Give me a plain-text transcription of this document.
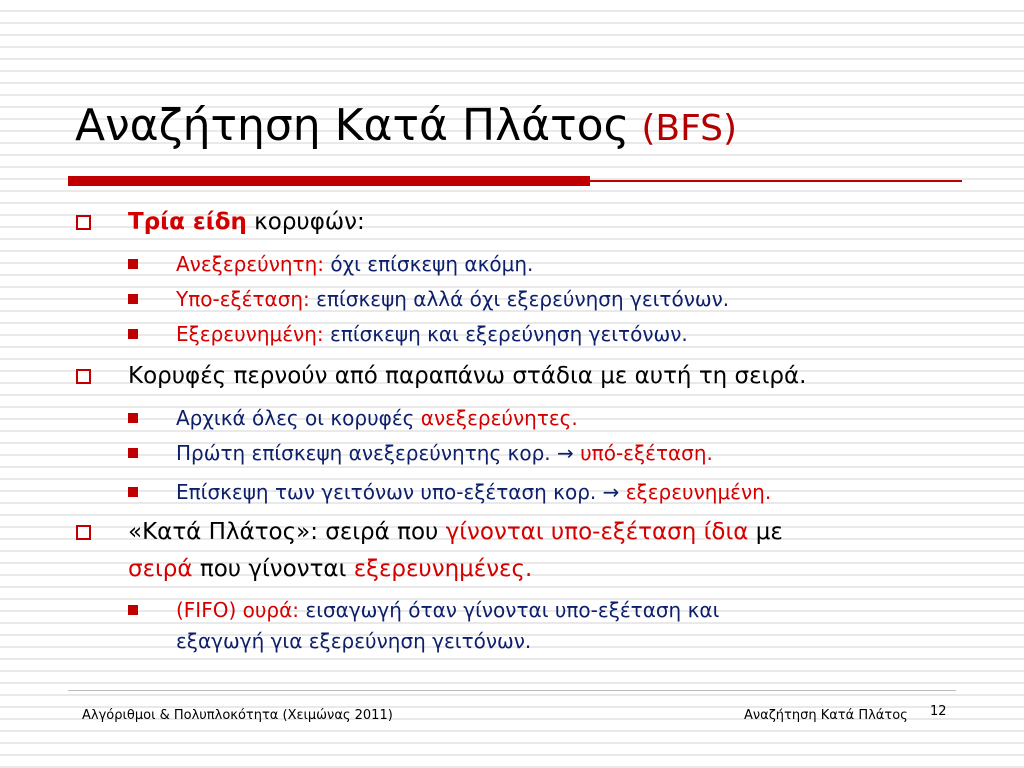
Αναζήτηση Κατά Πλάτος (BFS)
Τρία είδη κορυφών:
Ανεξερεύνητη: όχι επίσκεψη ακόμη.
Υπο-εξέταση: επίσκεψη αλλά όχι εξερεύνηση γειτόνων.
Εξερευνημένη: επίσκεψη και εξερεύνηση γειτόνων.
Κορυφές περνούν από παραπάνω στάδια με αυτή τη σειρά.
Αρχικά όλες οι κορυφές ανεξερεύνητες.
Πρώτη επίσκεψη ανεξερεύνητης κορ. → υπό-εξέταση.
Επίσκεψη των γειτόνων υπο-εξέταση κορ. → εξερευνημένη.
«Κατά Πλάτος»: σειρά που γίνονται υπο-εξέταση ίδια με
σειρά που γίνονται εξερευνημένες.
(FIFO) ουρά: εισαγωγή όταν γίνονται υπο-εξέταση και
εξαγωγή για εξερεύνηση γειτόνων.
Αλγόριθμοι & Πολυπλοκότητα (Χειμώνας 2011)	Αναζήτηση Κατά Πλάτος 12
